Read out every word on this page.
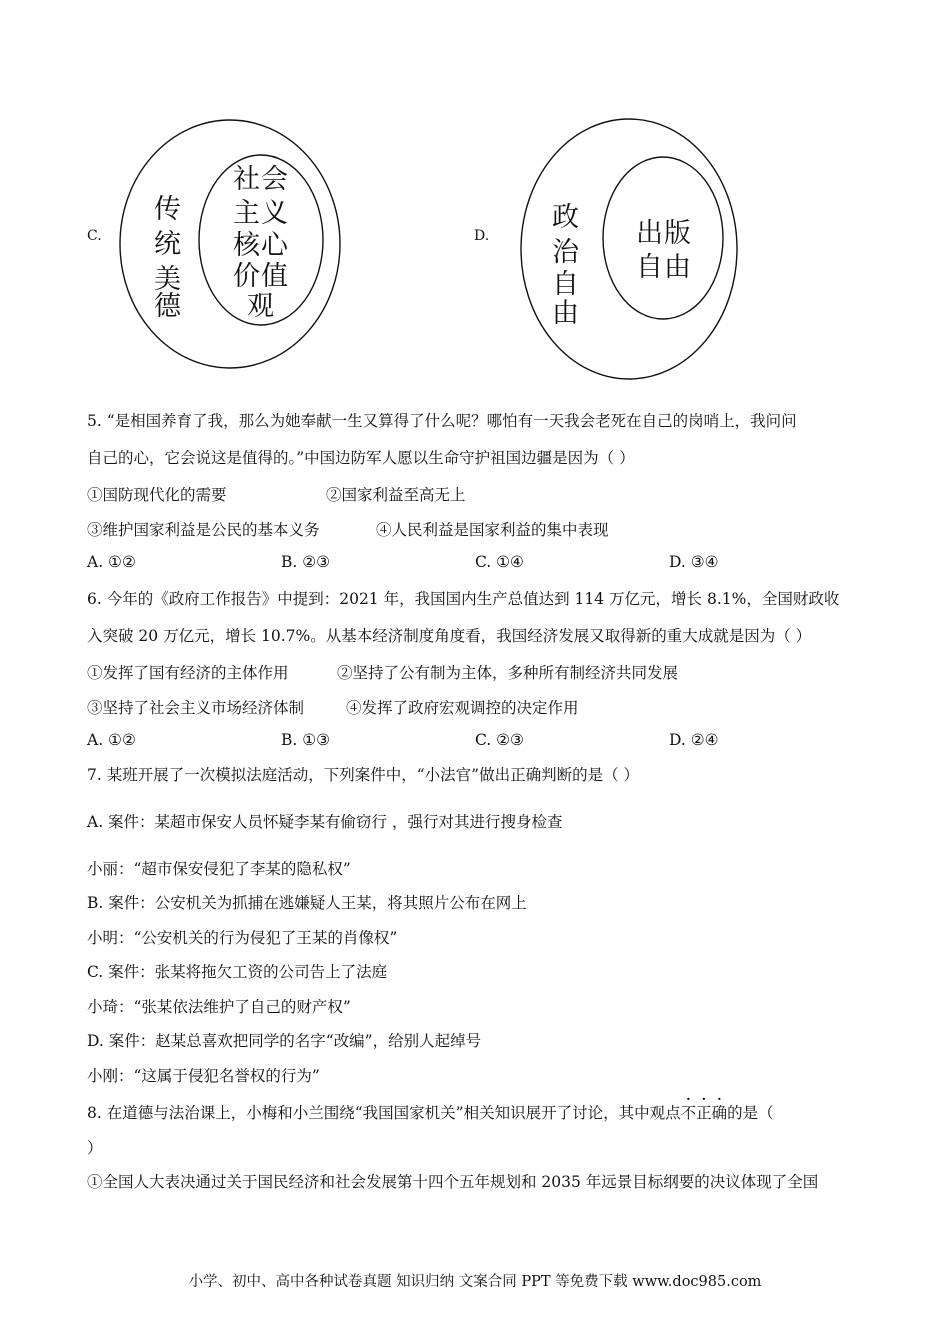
C.
传
统
美
德
社 会
主 义
核 心
价 值
观
D.
政
治
自
由
出 版
自 由
5. “是相国养育了我，那么为她奉献一生又算得了什么呢？哪怕有一天我会老死在自己的岗哨上，我问问
自己的心，它会说这是值得的。”中国边防军人愿以生命守护祖国边疆是因为（ ）
①国防现代化的需要	②国家利益至高无上
③维护国家利益是公民的基本义务	④人民利益是国家利益的集中表现
A. ①②	B. ②③	C. ①④	D. ③④
6. 今年的《政府工作报告》中提到：2021 年，我国国内生产总值达到 114 万亿元，增长 8.1%，全国财政收
入突破 20 万亿元，增长 10.7%。从基本经济制度角度看，我国经济发展又取得新的重大成就是因为（ ）
①发挥了国有经济的主体作用	②坚持了公有制为主体，多种所有制经济共同发展
③坚持了社会主义市场经济体制	④发挥了政府宏观调控的决定作用
A. ①②	B. ①③	C. ②③	D. ②④
7. 某班开展了一次模拟法庭活动，下列案件中，“小法官”做出正确判断的是（ ）
A. 案件：某超市保安人员怀疑李某有偷窃行 ，强行对其进行搜身检查
小丽：“超市保安侵犯了李某的隐私权”
B. 案件：公安机关为抓捕在逃嫌疑人王某，将其照片公布在网上
小明：“公安机关的行为侵犯了王某的肖像权”
C. 案件：张某将拖欠工资的公司告上了法庭
小琦：“张某依法维护了自己的财产权”
D. 案件：赵某总喜欢把同学的名字“改编”，给别人起绰号
小刚：“这属于侵犯名誉权的行为”
8. 在道德与法治课上，小梅和小兰围绕“我国国家机关”相关知识展开了讨论，其中观点不正确的是（
）
①全国人大表决通过关于国民经济和社会发展第十四个五年规划和 2035 年远景目标纲要的决议体现了全国
小学、初中、高中各种试卷真题 知识归纳 文案合同 PPT 等免费下载 www.doc985.com
